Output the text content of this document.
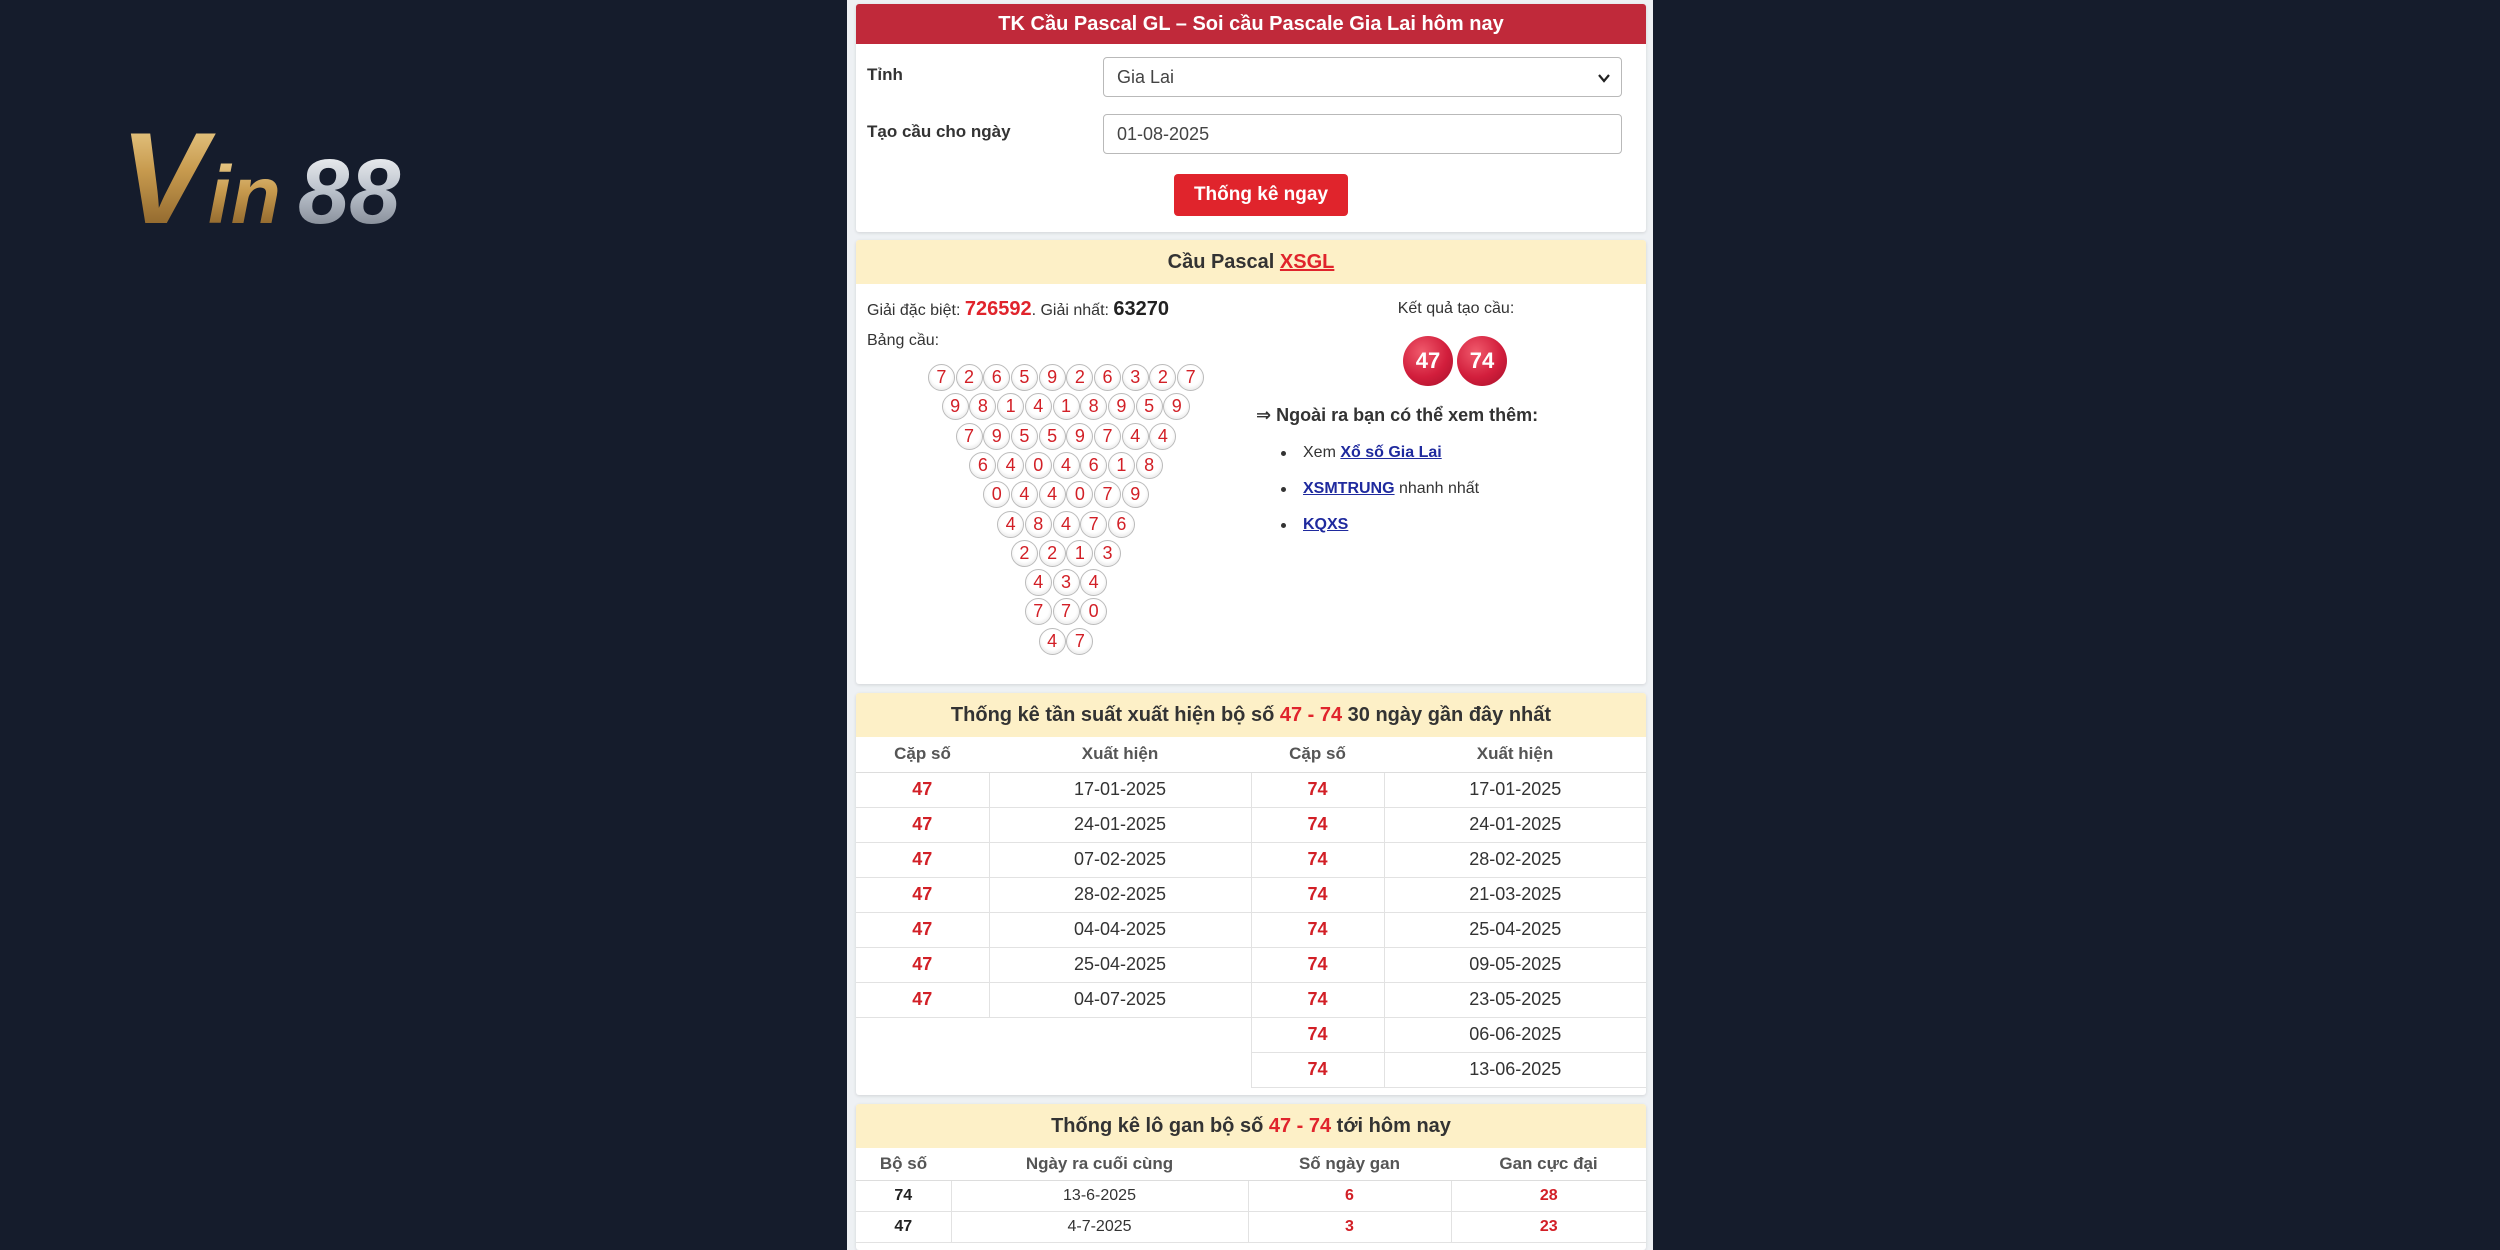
V in 88
TK Cầu Pascal GL – Soi cầu Pascale Gia Lai hôm nay
Tỉnh	Gia Lai
Tạo cầu cho ngày	01-08-2025
Thống kê ngay
Cầu Pascal XSGL
Giải đặc biệt: 726592. Giải nhất: 63270
Bảng cầu:
7 2 6 5 9 2 6 3 2 7
9 8 1 4 1 8 9 5 9
7 9 5 5 9 7 4 4
6 4 0 4 6 1 8
0 4 4 0 7 9
4 8 4 7 6
2 2 1 3
4 3 4
7 7 0
4 7
Kết quả tạo cầu:
47	74
⇒ Ngoài ra bạn có thể xem thêm:
Xem Xổ số Gia Lai
XSMTRUNG nhanh nhất
KQXS
Thống kê tần suất xuất hiện bộ số 47 - 74 30 ngày gần đây nhất
Cặp số	Xuất hiện	Cặp số	Xuất hiện
47	17-01-2025	74	17-01-2025
47	24-01-2025	74	24-01-2025
47	07-02-2025	74	28-02-2025
47	28-02-2025	74	21-03-2025
47	04-04-2025	74	25-04-2025
47	25-04-2025	74	09-05-2025
47	04-07-2025	74	23-05-2025
		74	06-06-2025
		74	13-06-2025
Thống kê lô gan bộ số 47 - 74 tới hôm nay
Bộ số	Ngày ra cuối cùng	Số ngày gan	Gan cực đại
74	13-6-2025	6	28
47	4-7-2025	3	23
